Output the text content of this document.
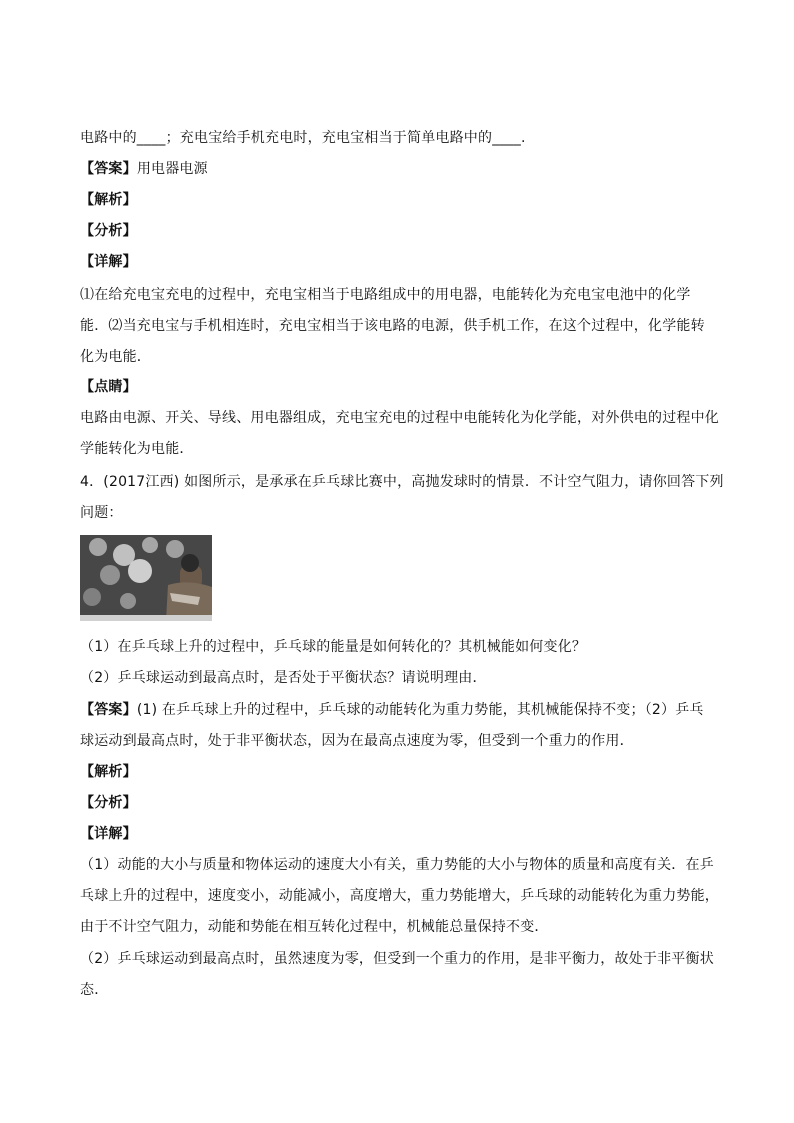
电路中的____；充电宝给手机充电时，充电宝相当于简单电路中的____.
【答案】用电器电源
【解析】
【分析】
【详解】
⑴在给充电宝充电的过程中，充电宝相当于电路组成中的用电器，电能转化为充电宝电池中的化学
能．⑵当充电宝与手机相连时，充电宝相当于该电路的电源，供手机工作，在这个过程中，化学能转
化为电能．
【点睛】
电路由电源、开关、导线、用电器组成，充电宝充电的过程中电能转化为化学能，对外供电的过程中化
学能转化为电能．
4．(2017江西) 如图所示，是承承在乒乓球比赛中，高抛发球时的情景．不计空气阻力，请你回答下列
问题：
（1）在乒乓球上升的过程中，乒乓球的能量是如何转化的？其机械能如何变化？
（2）乒乓球运动到最高点时，是否处于平衡状态？请说明理由．
【答案】(1) 在乒乓球上升的过程中，乒乓球的动能转化为重力势能，其机械能保持不变；（2）乒乓
球运动到最高点时，处于非平衡状态，因为在最高点速度为零，但受到一个重力的作用．
【解析】
【分析】
【详解】
（1）动能的大小与质量和物体运动的速度大小有关，重力势能的大小与物体的质量和高度有关．在乒
乓球上升的过程中，速度变小，动能减小，高度增大，重力势能增大，乒乓球的动能转化为重力势能，
由于不计空气阻力，动能和势能在相互转化过程中，机械能总量保持不变．
（2）乒乓球运动到最高点时，虽然速度为零，但受到一个重力的作用，是非平衡力，故处于非平衡状
态．
